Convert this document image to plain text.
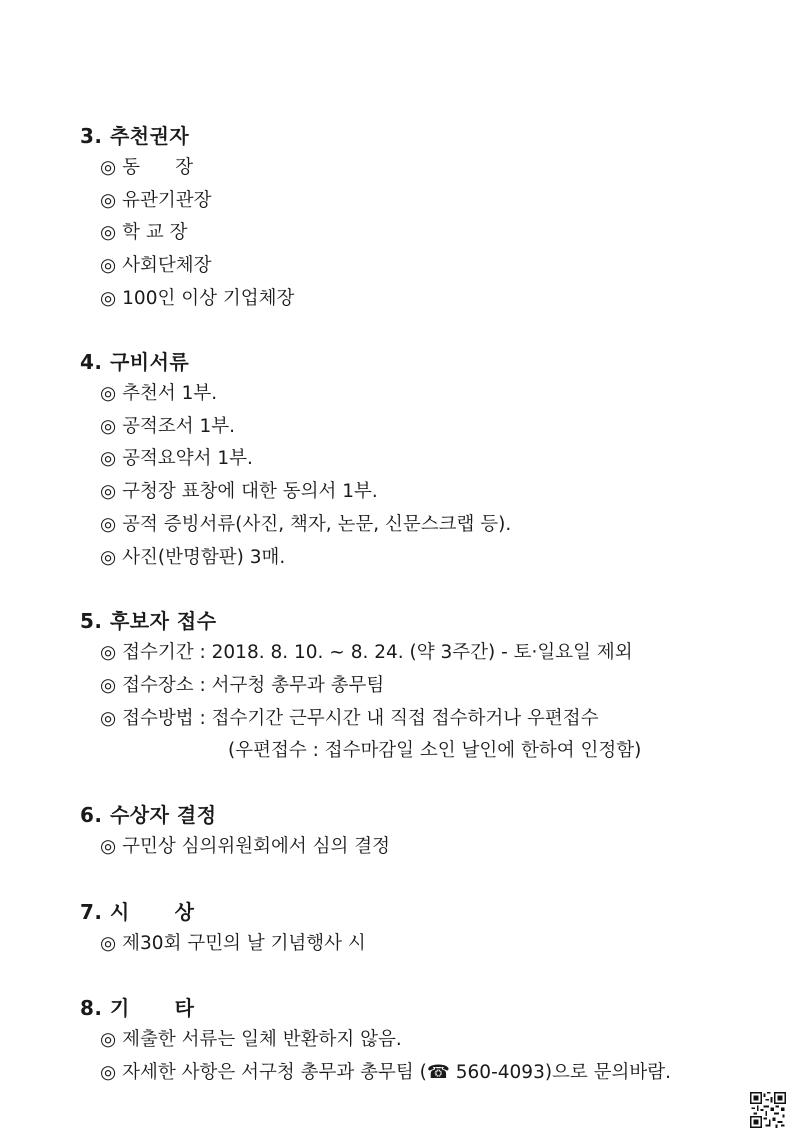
3. 추천권자
◎ 동      장
◎ 유관기관장
◎ 학 교 장
◎ 사회단체장
◎ 100인 이상 기업체장
4. 구비서류
◎ 추천서 1부.
◎ 공적조서 1부.
◎ 공적요약서 1부.
◎ 구청장 표창에 대한 동의서 1부.
◎ 공적 증빙서류(사진, 책자, 논문, 신문스크랩 등).
◎ 사진(반명함판) 3매.
5. 후보자 접수
◎ 접수기간 : 2018. 8. 10. ~ 8. 24. (약 3주간) - 토·일요일 제외
◎ 접수장소 : 서구청 총무과 총무팀
◎ 접수방법 : 접수기간 근무시간 내 직접 접수하거나 우편접수
(우편접수 : 접수마감일 소인 날인에 한하여 인정함)
6. 수상자 결정
◎ 구민상 심의위원회에서 심의 결정
7. 시      상
◎ 제30회 구민의 날 기념행사 시
8. 기      타
◎ 제출한 서류는 일체 반환하지 않음.
◎ 자세한 사항은 서구청 총무과 총무팀 (☎ 560-4093)으로 문의바람.
